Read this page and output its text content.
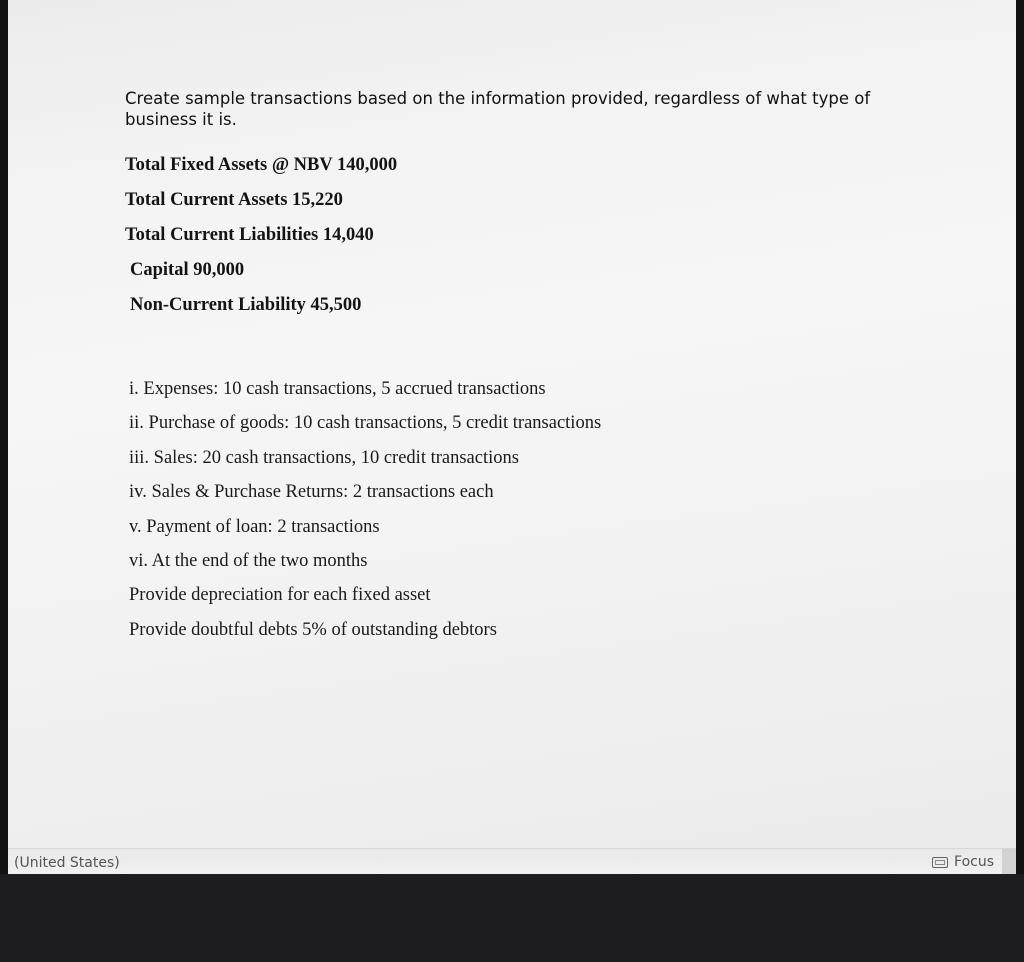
Create sample transactions based on the information provided, regardless of what type of business it is.

Total Fixed Assets @ NBV 140,000
Total Current Assets 15,220
Total Current Liabilities 14,040
Capital 90,000
Non-Current Liability 45,500
i. Expenses: 10 cash transactions, 5 accrued transactions
ii. Purchase of goods: 10 cash transactions, 5 credit transactions
iii. Sales: 20 cash transactions, 10 credit transactions
iv. Sales & Purchase Returns: 2 transactions each
v. Payment of loan: 2 transactions
vi. At the end of the two months
Provide depreciation for each fixed asset
Provide doubtful debts 5% of outstanding debtors
(United States)	Focus
